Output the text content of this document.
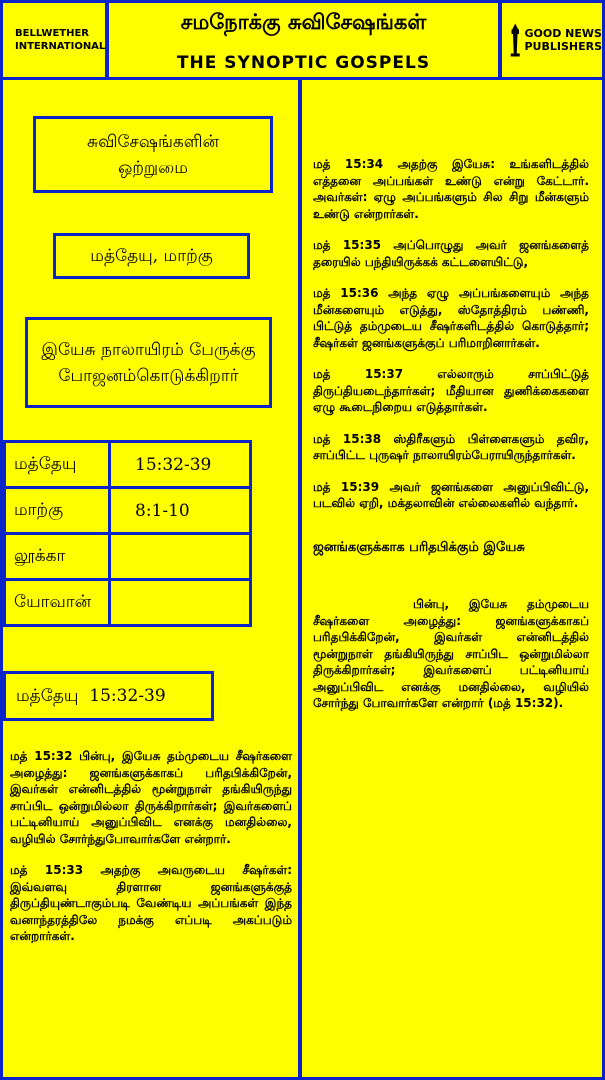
BELLWETHER
INTERNATIONAL
சமநோக்கு சுவிசேஷங்கள்
THE SYNOPTIC GOSPELS
GOOD NEWS
PUBLISHERS
சுவிசேஷங்களின் ஒற்றுமை
மத்தேயு, மாற்கு
இயேசு நாலாயிரம் பேருக்கு போஜனம்கொடுக்கிறார்
மத்தேயு	15:32-39
மாற்கு	8:1-10
லூக்கா	
யோவான்	
மத்தேயு  15:32-39

மத் 15:32 பின்பு, இயேசு தம்முடைய சீஷர்களை அழைத்து: ஜனங்களுக்காகப் பரிதபிக்கிறேன், இவர்கள் என்னிடத்தில் மூன்றுநாள் தங்கியிருந்து சாப்பிட ஒன்றுமில்லா திருக்கிறார்கள்; இவர்களைப் பட்டினியாய் அனுப்பிவிட எனக்கு மனதில்லை, வழியில் சோர்ந்துபோவார்களே என்றார்.

மத் 15:33 அதற்கு அவருடைய சீஷர்கள்: இவ்வளவு திரளான ஜனங்களுக்குத் திருப்தியுண்டாகும்படி வேண்டிய அப்பங்கள் இந்த வனாந்தரத்திலே நமக்கு எப்படி அகப்படும் என்றார்கள்.

மத் 15:34 அதற்கு இயேசு: உங்களிடத்தில் எத்தனை அப்பங்கள் உண்டு என்று கேட்டார். அவர்கள்: ஏழு அப்பங்களும் சில சிறு மீன்களும் உண்டு என்றார்கள்.

மத் 15:35 அப்பொழுது அவர் ஜனங்களைத் தரையில் பந்தியிருக்கக் கட்டளையிட்டு,

மத் 15:36 அந்த ஏழு அப்பங்களையும் அந்த மீன்களையும் எடுத்து, ஸ்தோத்திரம் பண்ணி, பிட்டுத் தம்முடைய சீஷர்களிடத்தில் கொடுத்தார்; சீஷர்கள் ஜனங்களுக்குப் பரிமாறினார்கள்.

மத் 15:37 எல்லாரும் சாப்பிட்டுத் திருப்தியடைந்தார்கள்; மீதியான துணிக்கைகளை ஏழு கூடைநிறைய எடுத்தார்கள்.

மத் 15:38 ஸ்திரீகளும் பிள்ளைகளும் தவிர, சாப்பிட்ட புருஷர் நாலாயிரம்பேராயிருந்தார்கள்.

மத் 15:39 அவர் ஜனங்களை அனுப்பிவிட்டு, படவில் ஏறி, மக்தலாவின் எல்லைகளில் வந்தார்.

ஜனங்களுக்காக பரிதபிக்கும் இயேசு

பின்பு, இயேசு தம்முடைய சீஷர்களை அழைத்து: ஜனங்களுக்காகப் பரிதபிக்கிறேன், இவர்கள் என்னிடத்தில் மூன்றுநாள் தங்கியிருந்து சாப்பிட ஒன்றுமில்லா திருக்கிறார்கள்; இவர்களைப் பட்டினியாய் அனுப்பிவிட எனக்கு மனதில்லை, வழியில் சோர்ந்து போவார்களே என்றார் (மத் 15:32).
